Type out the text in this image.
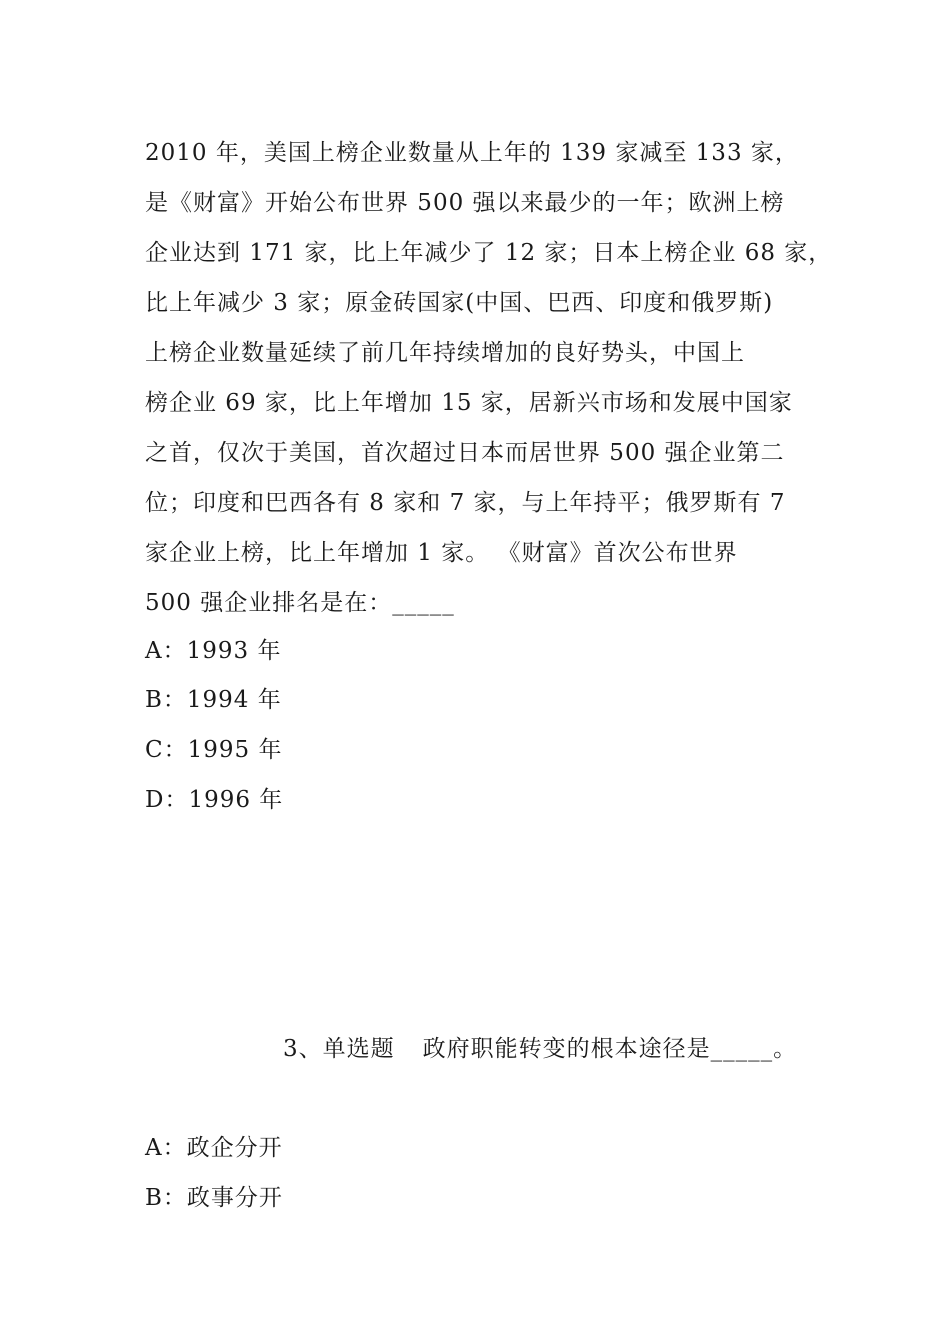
2010 年，美国上榜企业数量从上年的 139 家减至 133 家，
是《财富》开始公布世界 500 强以来最少的一年；欧洲上榜
企业达到 171 家，比上年减少了 12 家；日本上榜企业 68 家，
比上年减少 3 家；原金砖国家(中国、巴西、印度和俄罗斯)
上榜企业数量延续了前几年持续增加的良好势头，中国上
榜企业 69 家，比上年增加 15 家，居新兴市场和发展中国家
之首，仅次于美国，首次超过日本而居世界 500 强企业第二
位；印度和巴西各有 8 家和 7 家，与上年持平；俄罗斯有 7
家企业上榜，比上年增加 1 家。 《财富》首次公布世界
500 强企业排名是在：_____
A：1993 年
B：1994 年
C：1995 年
D：1996 年
3、单选题 政府职能转变的根本途径是_____。
A：政企分开
B：政事分开
